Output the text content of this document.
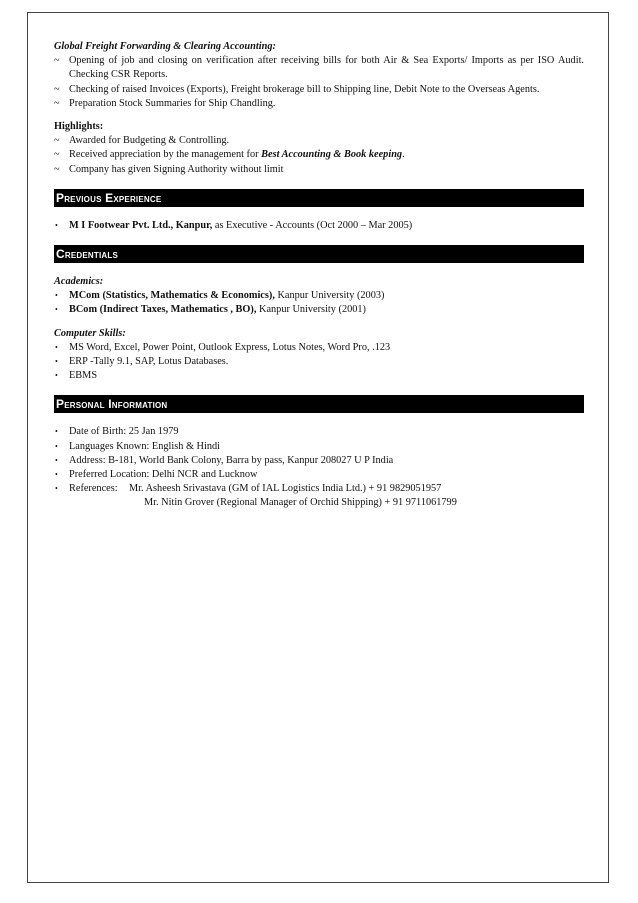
Global Freight Forwarding & Clearing Accounting:
~ Opening of job and closing on verification after receiving bills for both Air & Sea Exports/ Imports as per ISO Audit. Checking CSR Reports.
~ Checking of raised Invoices (Exports), Freight brokerage bill to Shipping line, Debit Note to the Overseas Agents.
~ Preparation Stock Summaries for Ship Chandling.
Highlights:
~ Awarded for Budgeting & Controlling.
~ Received appreciation by the management for Best Accounting & Book keeping.
~ Company has given Signing Authority without limit
Previous Experience
• M I Footwear Pvt. Ltd., Kanpur, as Executive - Accounts (Oct 2000 – Mar 2005)
Credentials
Academics:
• MCom (Statistics, Mathematics & Economics), Kanpur University (2003)
• BCom (Indirect Taxes, Mathematics , BO), Kanpur University (2001)
Computer Skills:
• MS Word, Excel, Power Point, Outlook Express, Lotus Notes, Word Pro, .123
• ERP -Tally 9.1, SAP, Lotus Databases.
• EBMS
Personal Information
• Date of Birth: 25 Jan 1979
• Languages Known: English & Hindi
• Address: B-181, World Bank Colony, Barra by pass, Kanpur 208027 U P India
• Preferred Location: Delhi NCR and Lucknow
• References:	Mr. Asheesh Srivastava (GM of IAL Logistics India Ltd.) + 91 9829051957
Mr. Nitin Grover (Regional Manager of Orchid Shipping) + 91 9711061799
